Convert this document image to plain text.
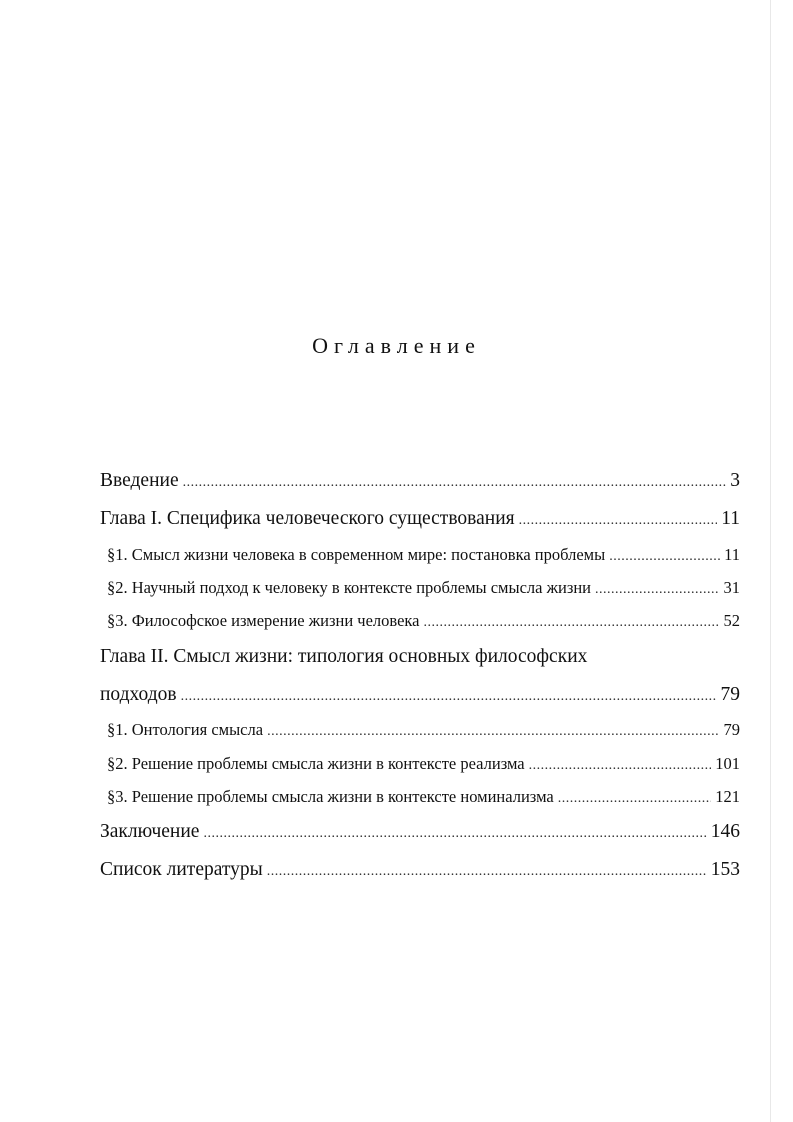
Оглавление
Введение .....	3
Глава I. Специфика человеческого существования .....	11
§1. Смысл жизни человека в современном мире: постановка проблемы .....	11
§2. Научный подход к человеку в контексте проблемы смысла жизни .....	31
§3. Философское измерение жизни человека .....	52
Глава II. Смысл жизни: типология основных философских
подходов .....	79
§1. Онтология смысла .....	79
§2. Решение проблемы смысла жизни в контексте реализма .....	101
§3. Решение проблемы смысла жизни в контексте номинализма .....	121
Заключение .....	146
Список литературы .....	153
